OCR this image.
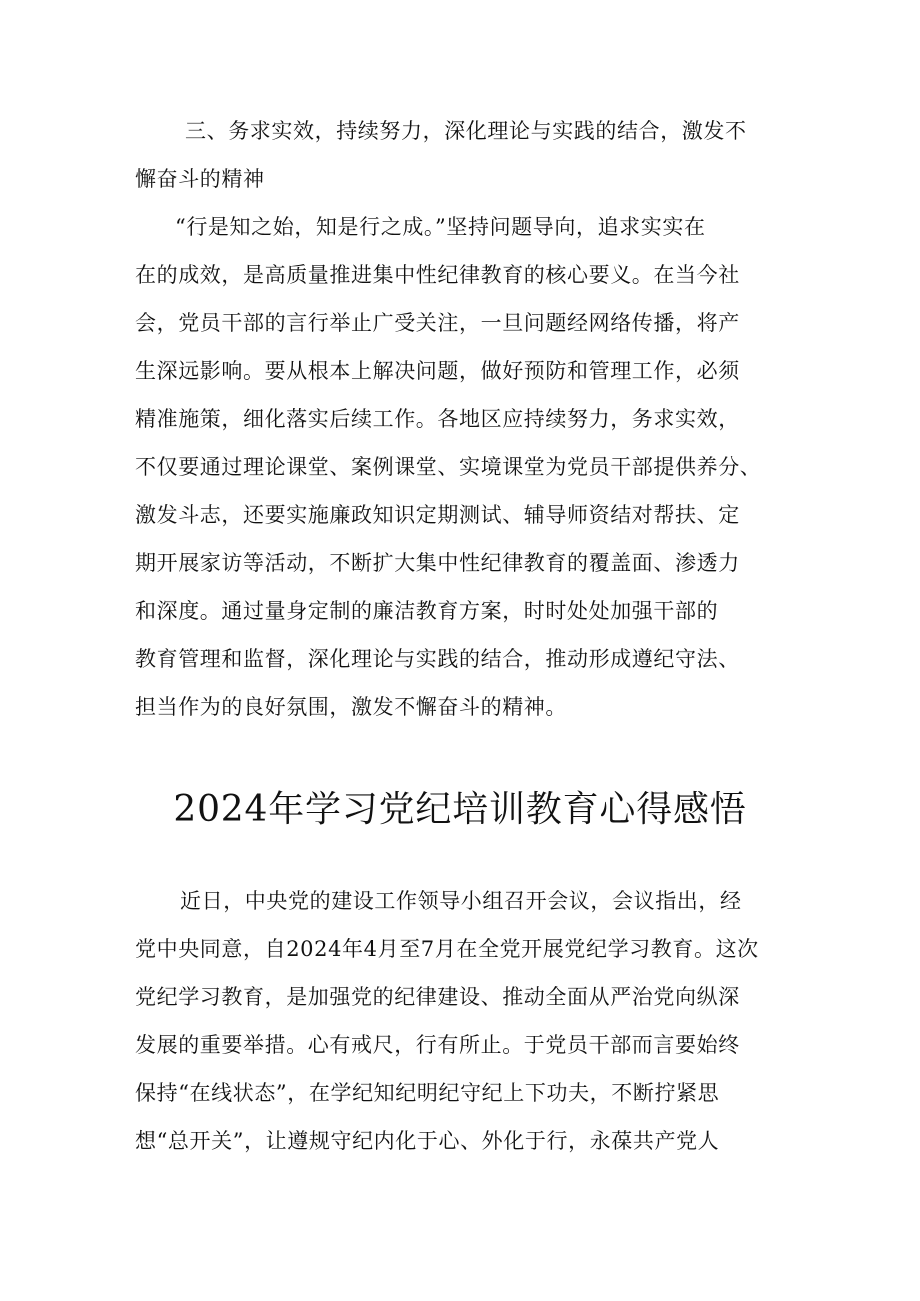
三、务求实效，持续努力，深化理论与实践的结合，激发不
懈奋斗的精神
“行是知之始，知是行之成。”坚持问题导向，追求实实在
在的成效，是高质量推进集中性纪律教育的核心要义。在当今社
会，党员干部的言行举止广受关注，一旦问题经网络传播，将产
生深远影响。要从根本上解决问题，做好预防和管理工作，必须
精准施策，细化落实后续工作。各地区应持续努力，务求实效，
不仅要通过理论课堂、案例课堂、实境课堂为党员干部提供养分、
激发斗志，还要实施廉政知识定期测试、辅导师资结对帮扶、定
期开展家访等活动，不断扩大集中性纪律教育的覆盖面、渗透力
和深度。通过量身定制的廉洁教育方案，时时处处加强干部的
教育管理和监督，深化理论与实践的结合，推动形成遵纪守法、
担当作为的良好氛围，激发不懈奋斗的精神。
2024年学习党纪培训教育心得感悟
近日，中央党的建设工作领导小组召开会议，会议指出，经
党中央同意，自2024年4月至7月在全党开展党纪学习教育。这次
党纪学习教育，是加强党的纪律建设、推动全面从严治党向纵深
发展的重要举措。心有戒尺，行有所止。于党员干部而言要始终
保持“在线状态”，在学纪知纪明纪守纪上下功夫，不断拧紧思
想“总开关”，让遵规守纪内化于心、外化于行，永葆共产党人
